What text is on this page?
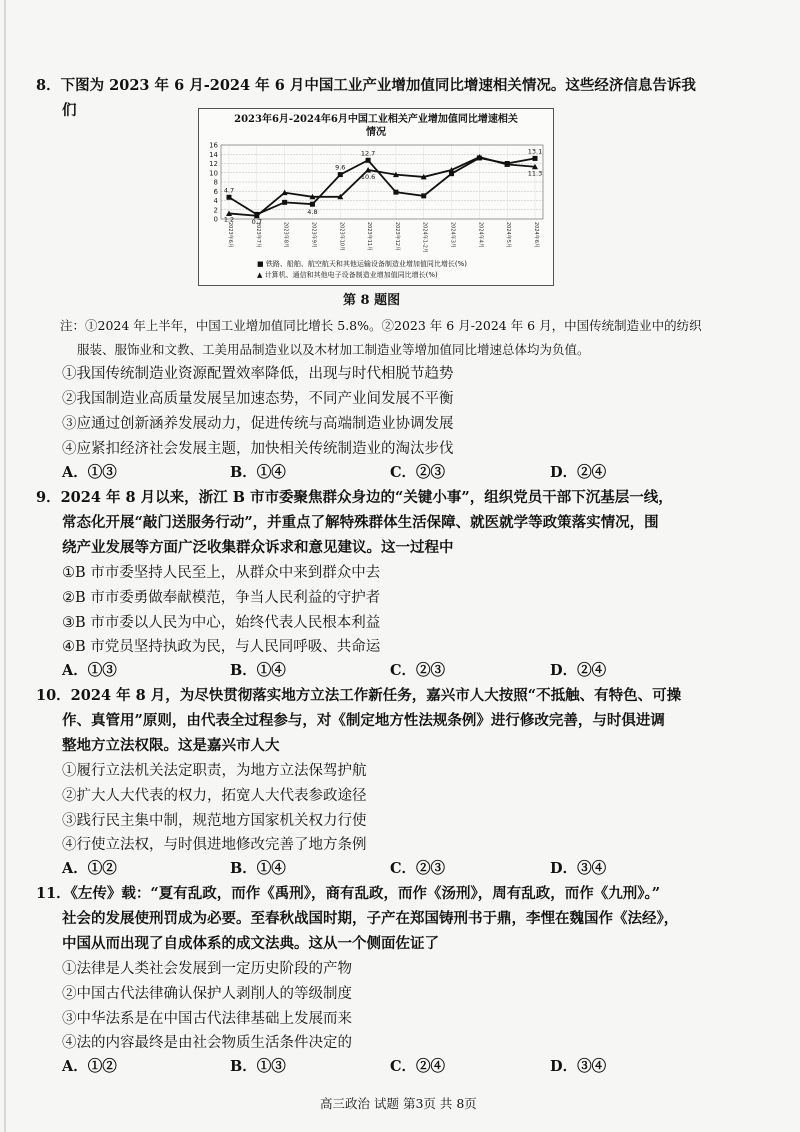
8．下图为 2023 年 6 月-2024 年 6 月中国工业产业增加值同比增速相关情况。这些经济信息告诉我
们
2023年6月-2024年6月中国工业相关产业增加值同比增速相关
情况
0
2
4
6
8
10
12
14
16
2023年6月	2023年7月	2023年8月	2023年9月	2023年10月	2023年11月	2023年12月	2024年1-2月	2024年3月	2024年4月	2024年5月	2024年6月
4.7
1.2	0.7
4.8
9.6
12.7
10.6
13.1
11.3
■ 铁路、船舶、航空航天和其他运输设备制造业增加值同比增长(%)
▲ 计算机、通信和其他电子设备制造业增加值同比增长(%)
第 8 题图
注：①2024 年上半年，中国工业增加值同比增长 5.8%。②2023 年 6 月-2024 年 6 月，中国传统制造业中的纺织
服装、服饰业和文教、工美用品制造业以及木材加工制造业等增加值同比增速总体均为负值。
①我国传统制造业资源配置效率降低，出现与时代相脱节趋势
②我国制造业高质量发展呈加速态势，不同产业间发展不平衡
③应通过创新涵养发展动力，促进传统与高端制造业协调发展
④应紧扣经济社会发展主题，加快相关传统制造业的淘汰步伐
A．①③	B．①④	C．②③	D．②④
9．2024 年 8 月以来，浙江 B 市市委聚焦群众身边的“关键小事”，组织党员干部下沉基层一线，
常态化开展“敲门送服务行动”，并重点了解特殊群体生活保障、就医就学等政策落实情况，围
绕产业发展等方面广泛收集群众诉求和意见建议。这一过程中
①B 市市委坚持人民至上，从群众中来到群众中去
②B 市市委勇做奉献模范，争当人民利益的守护者
③B 市市委以人民为中心，始终代表人民根本利益
④B 市党员坚持执政为民，与人民同呼吸、共命运
A．①③	B．①④	C．②③	D．②④
10．2024 年 8 月，为尽快贯彻落实地方立法工作新任务，嘉兴市人大按照“不抵触、有特色、可操
作、真管用”原则，由代表全过程参与，对《制定地方性法规条例》进行修改完善，与时俱进调
整地方立法权限。这是嘉兴市人大
①履行立法机关法定职责，为地方立法保驾护航
②扩大人大代表的权力，拓宽人大代表参政途径
③践行民主集中制，规范地方国家机关权力行使
④行使立法权，与时俱进地修改完善了地方条例
A．①②	B．①④	C．②③	D．③④
11．《左传》载：“夏有乱政，而作《禹刑》，商有乱政，而作《汤刑》，周有乱政，而作《九刑》。”
社会的发展使刑罚成为必要。至春秋战国时期，子产在郑国铸刑书于鼎，李悝在魏国作《法经》，
中国从而出现了自成体系的成文法典。这从一个侧面佐证了
①法律是人类社会发展到一定历史阶段的产物
②中国古代法律确认保护人剥削人的等级制度
③中华法系是在中国古代法律基础上发展而来
④法的内容最终是由社会物质生活条件决定的
A．①②	B．①③	C．②④	D．③④
高三政治 试题 第3页 共 8页
